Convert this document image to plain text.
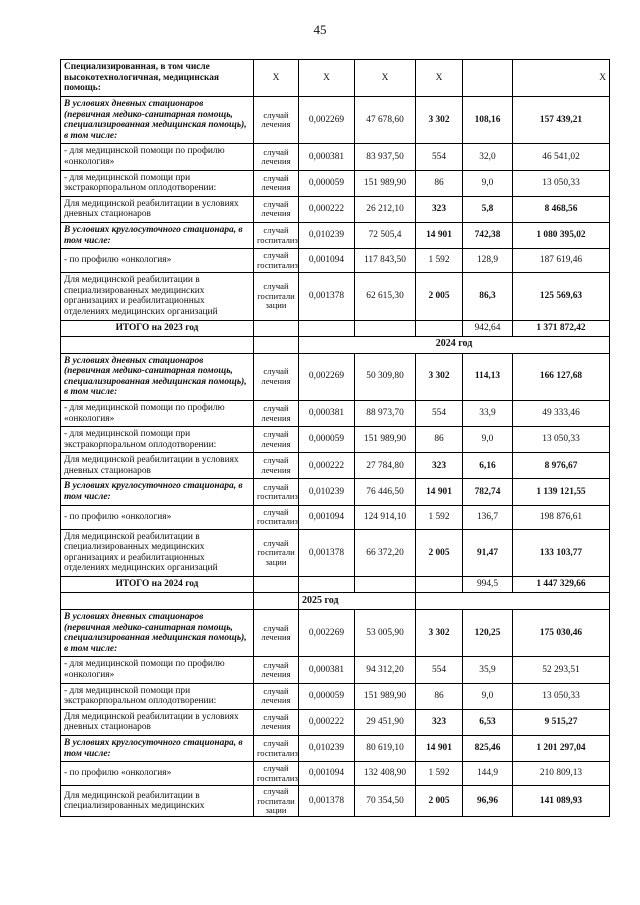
45
Специализированная, в том числе высокотехнологичная, медицинская помощь:	Х	Х	Х	Х		Х
В условиях дневных стационаров (первичная медико-санитарная помощь, специализированная медицинская помощь), в том числе:	случай лечения	0,002269	47 678,60	3 302	108,16	157 439,21
- для медицинской помощи по профилю «онкология»	случай лечения	0,000381	83 937,50	554	32,0	46 541,02
- для медицинской помощи при экстракорпоральном оплодотворении:	случай лечения	0,000059	151 989,90	86	9,0	13 050,33
Для медицинской реабилитации в условиях дневных стационаров	случай лечения	0,000222	26 212,10	323	5,8	8 468,56
В условиях круглосуточного стационара, в том числе:	случай госпитализ	0,010239	72 505,4	14 901	742,38	1 080 395,02
- по профилю «онкология»	случай госпитализ	0,001094	117 843,50	1 592	128,9	187 619,46
Для медицинской реабилитации в специализированных медицинских организациях и реабилитационных отделениях медицинских организаций	случай госпитали зации	0,001378	62 615,30	2 005	86,3	125 569,63
ИТОГО на 2023 год					942,64	1 371 872,42
		2024 год				
В условиях дневных стационаров (первичная медико-санитарная помощь, специализированная медицинская помощь), в том числе:	случай лечения	0,002269	50 309,80	3 302	114,13	166 127,68
- для медицинской помощи по профилю «онкология»	случай лечения	0,000381	88 973,70	554	33,9	49 333,46
- для медицинской помощи при экстракорпоральном оплодотворении:	случай лечения	0,000059	151 989,90	86	9,0	13 050,33
Для медицинской реабилитации в условиях дневных стационаров	случай лечения	0,000222	27 784,80	323	6,16	8 976,67
В условиях круглосуточного стационара, в том числе:	случай госпитализ	0,010239	76 446,50	14 901	782,74	1 139 121,55
- по профилю «онкология»	случай госпитализ	0,001094	124 914,10	1 592	136,7	198 876,61
Для медицинской реабилитации в специализированных медицинских организациях и реабилитационных отделениях медицинских организаций	случай госпитали зации	0,001378	66 372,20	2 005	91,47	133 103,77
ИТОГО на 2024 год					994,5	1 447 329,66
		2025 год				
В условиях дневных стационаров (первичная медико-санитарная помощь, специализированная медицинская помощь), в том числе:	случай лечения	0,002269	53 005,90	3 302	120,25	175 030,46
- для медицинской помощи по профилю «онкология»	случай лечения	0,000381	94 312,20	554	35,9	52 293,51
- для медицинской помощи при экстракорпоральном оплодотворении:	случай лечения	0,000059	151 989,90	86	9,0	13 050,33
Для медицинской реабилитации в условиях дневных стационаров	случай лечения	0,000222	29 451,90	323	6,53	9 515,27
В условиях круглосуточного стационара, в том числе:	случай госпитализ	0,010239	80 619,10	14 901	825,46	1 201 297,04
- по профилю «онкология»	случай госпитализ	0,001094	132 408,90	1 592	144,9	210 809,13
Для медицинской реабилитации в специализированных медицинских	случай госпитали зации	0,001378	70 354,50	2 005	96,96	141 089,93
